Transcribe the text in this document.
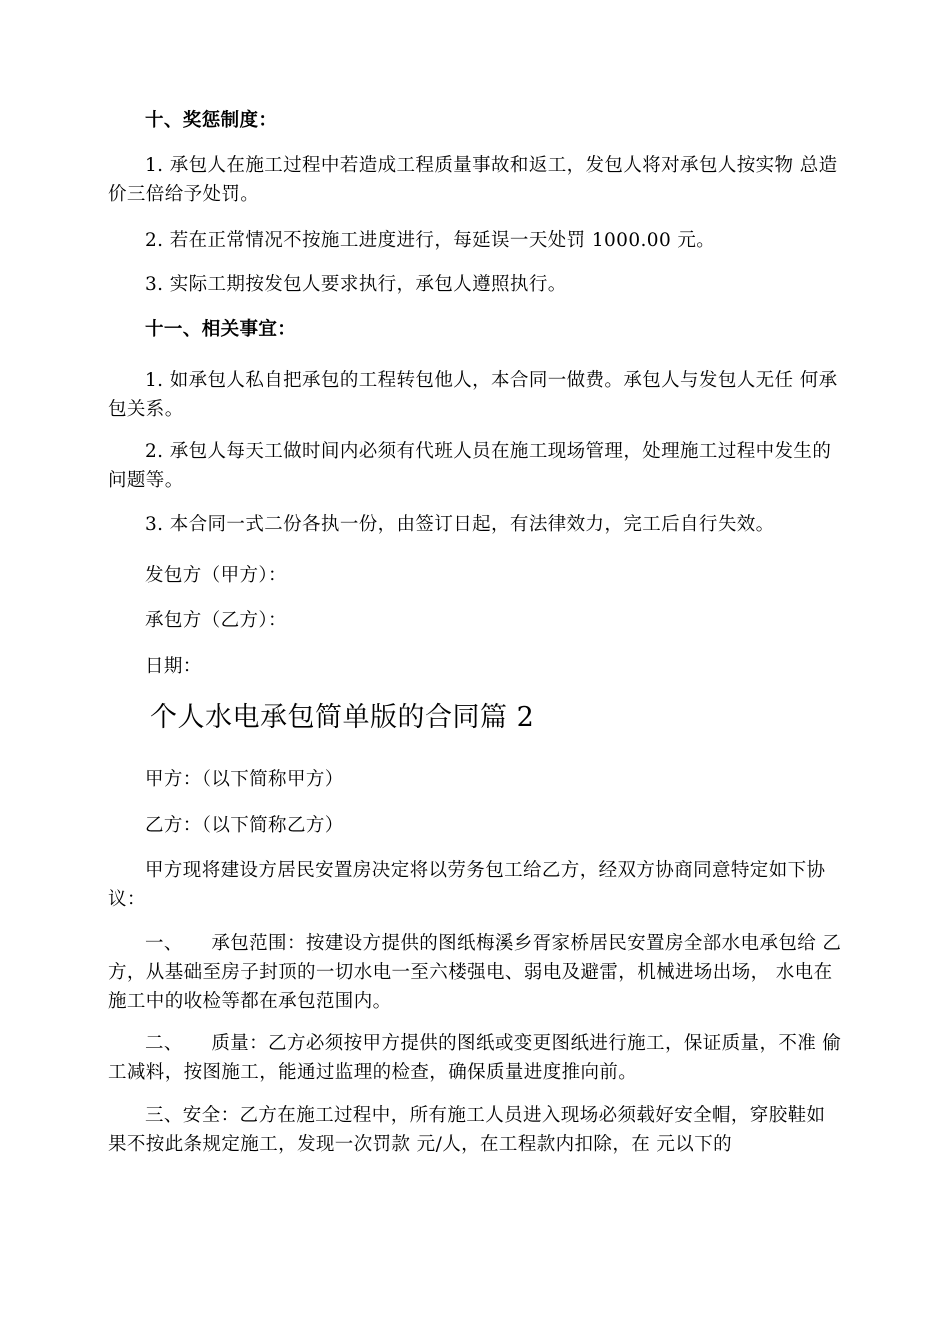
十、奖惩制度：

1. 承包人在施工过程中若造成工程质量事故和返工，发包人将对承包人按实物 总造价三倍给予处罚。

2. 若在正常情况不按施工进度进行，每延误一天处罚 1000.00 元。

3. 实际工期按发包人要求执行，承包人遵照执行。

十一、相关事宜：

1. 如承包人私自把承包的工程转包他人，本合同一做费。承包人与发包人无任 何承包关系。

2. 承包人每天工做时间内必须有代班人员在施工现场管理，处理施工过程中发生的问题等。

3. 本合同一式二份各执一份，由签订日起，有法律效力，完工后自行失效。

发包方（甲方）：

承包方（乙方）：

日期：

个人水电承包简单版的合同篇 2

甲方：（以下简称甲方）

乙方：（以下简称乙方）

甲方现将建设方居民安置房决定将以劳务包工给乙方，经双方协商同意特定如下协议：

一、　　承包范围：按建设方提供的图纸梅溪乡胥家桥居民安置房全部水电承包给 乙方，从基础至房子封顶的一切水电一至六楼强电、弱电及避雷，机械进场出场， 水电在施工中的收检等都在承包范围内。

二、　　质量：乙方必须按甲方提供的图纸或变更图纸进行施工，保证质量，不准 偷工减料，按图施工，能通过监理的检查，确保质量进度推向前。

三、安全：乙方在施工过程中，所有施工人员进入现场必须载好安全帽，穿胶鞋如果不按此条规定施工，发现一次罚款 元/人，在工程款内扣除，在 元以下的
